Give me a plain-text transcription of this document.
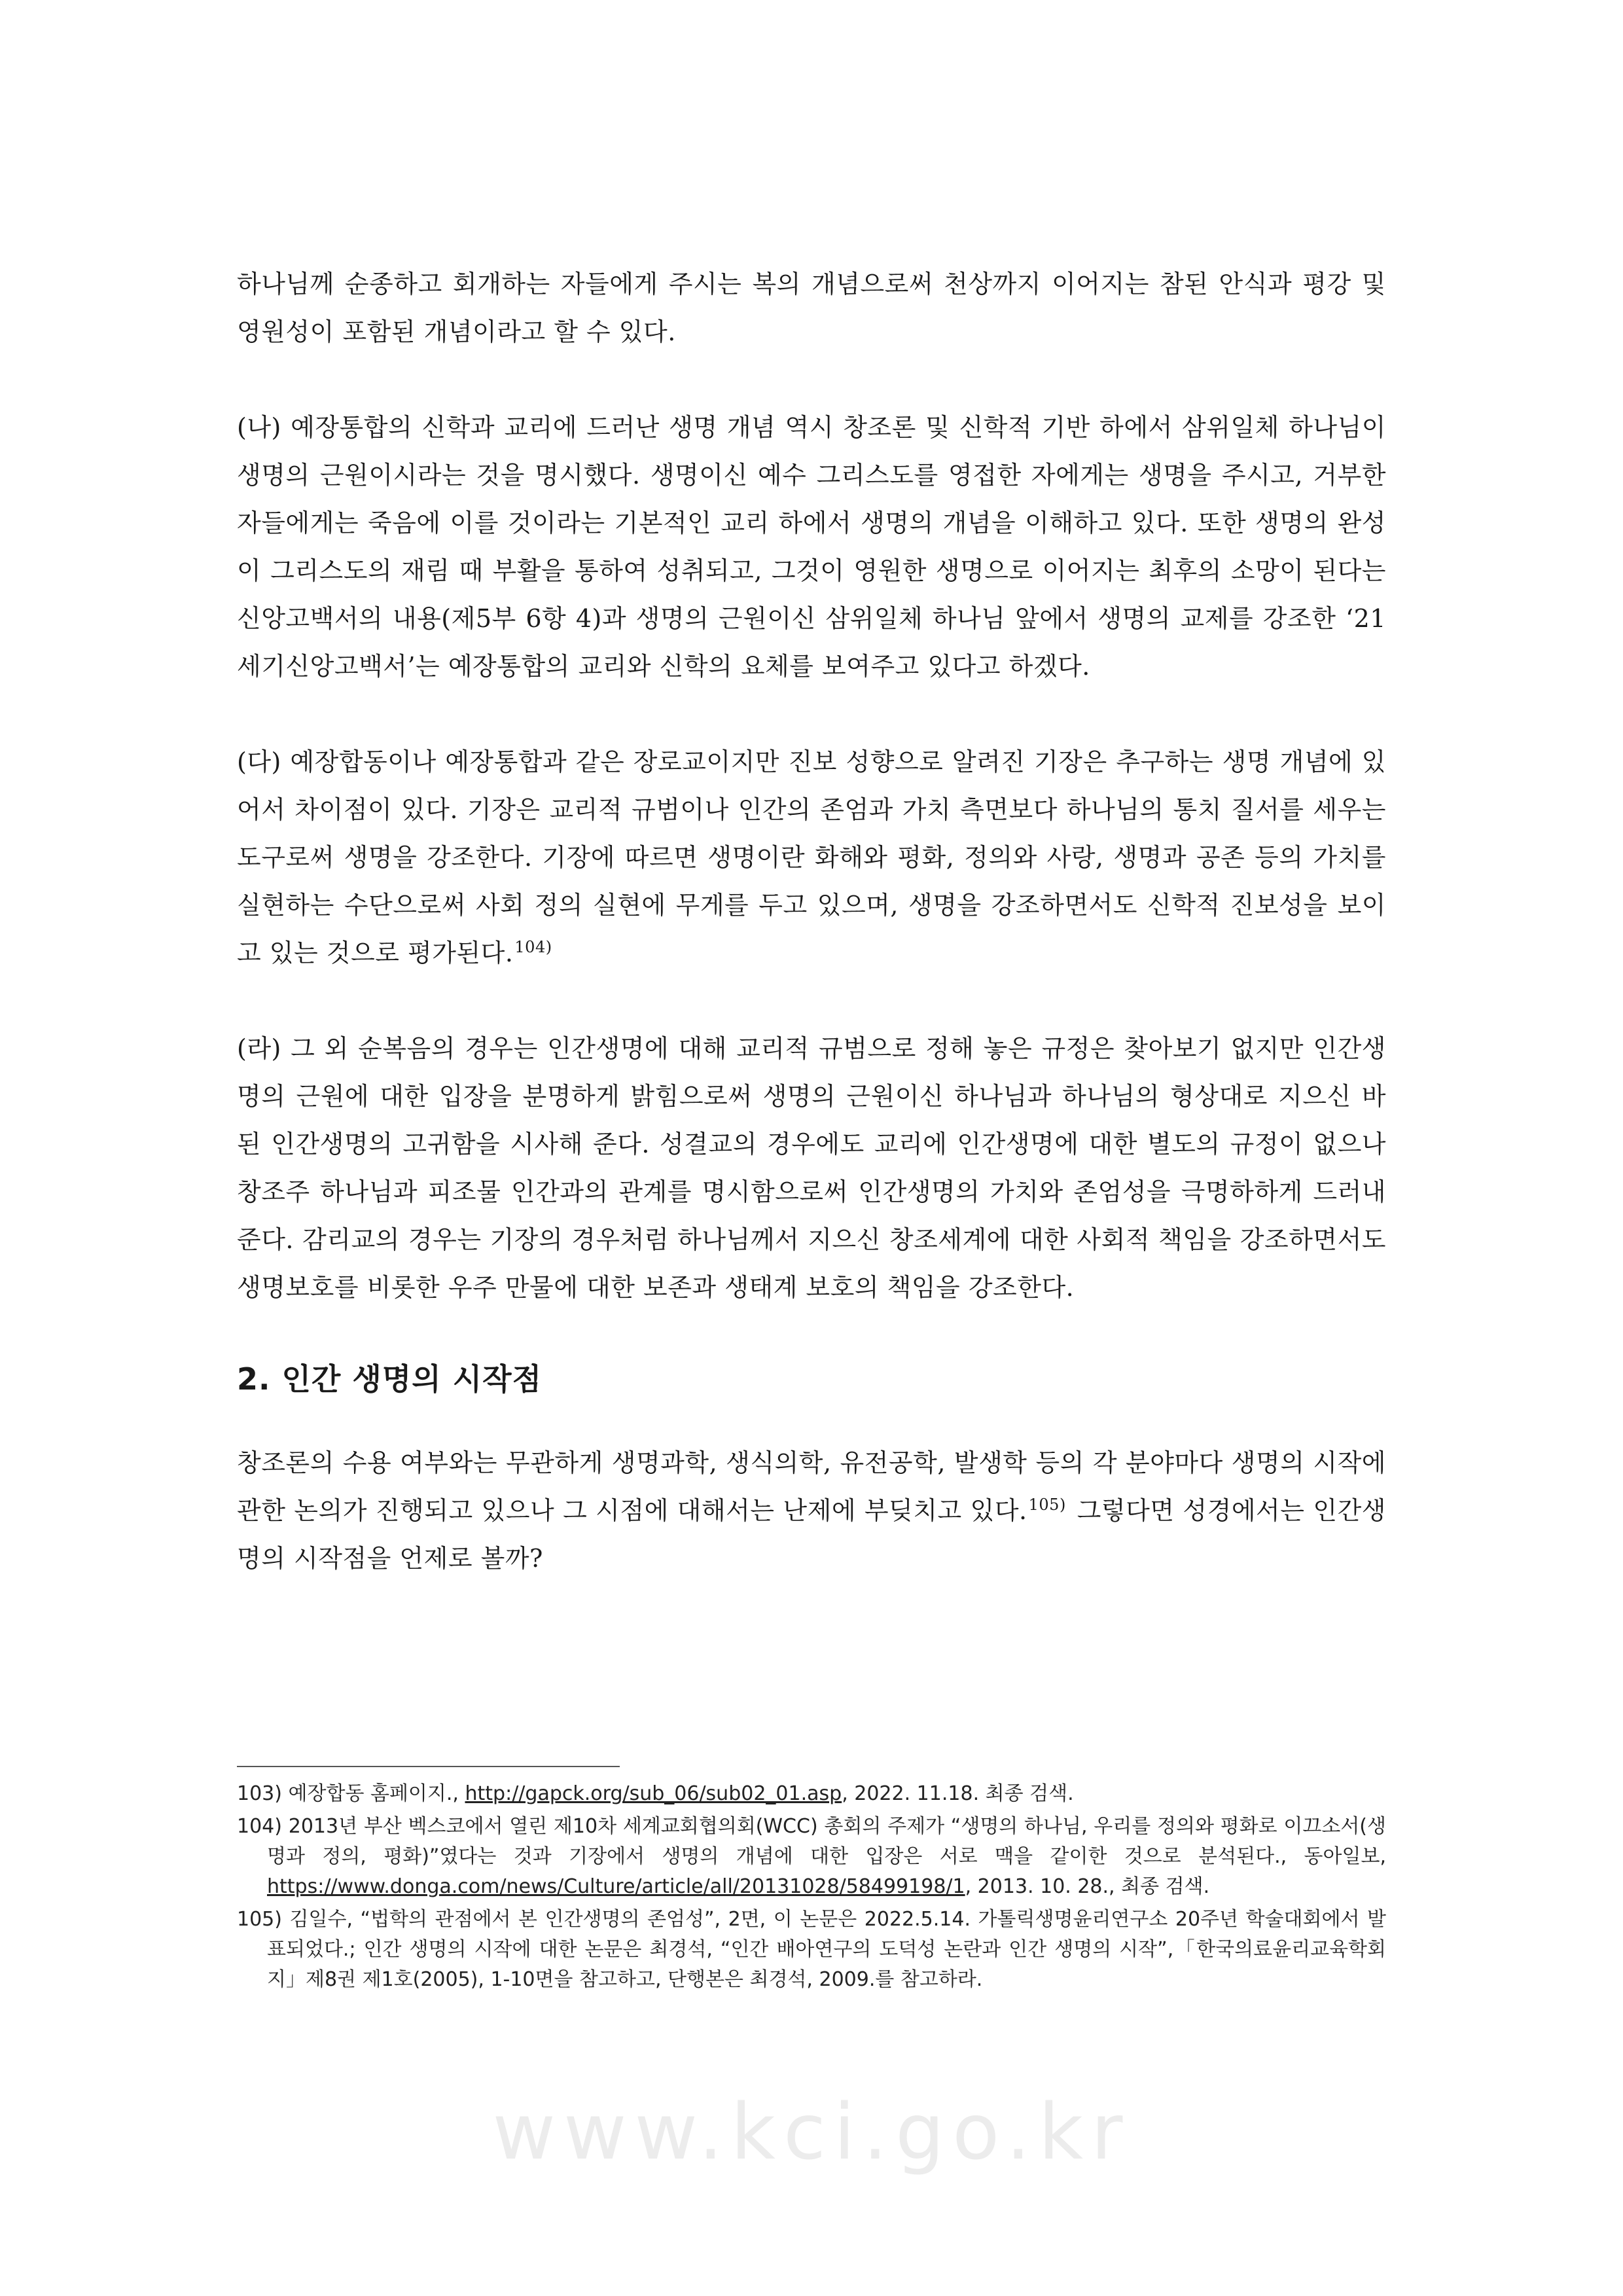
하나님께 순종하고 회개하는 자들에게 주시는 복의 개념으로써 천상까지 이어지는 참된 안식과 평강 및 영원성이 포함된 개념이라고 할 수 있다.

(나) 예장통합의 신학과 교리에 드러난 생명 개념 역시 창조론 및 신학적 기반 하에서 삼위일체 하나님이 생명의 근원이시라는 것을 명시했다. 생명이신 예수 그리스도를 영접한 자에게는 생명을 주시고, 거부한 자들에게는 죽음에 이를 것이라는 기본적인 교리 하에서 생명의 개념을 이해하고 있다. 또한 생명의 완성이 그리스도의 재림 때 부활을 통하여 성취되고, 그것이 영원한 생명으로 이어지는 최후의 소망이 된다는 신앙고백서의 내용(제5부 6항 4)과 생명의 근원이신 삼위일체 하나님 앞에서 생명의 교제를 강조한 ‘21세기신앙고백서’는 예장통합의 교리와 신학의 요체를 보여주고 있다고 하겠다.

(다) 예장합동이나 예장통합과 같은 장로교이지만 진보 성향으로 알려진 기장은 추구하는 생명 개념에 있어서 차이점이 있다. 기장은 교리적 규범이나 인간의 존엄과 가치 측면보다 하나님의 통치 질서를 세우는 도구로써 생명을 강조한다. 기장에 따르면 생명이란 화해와 평화, 정의와 사랑, 생명과 공존 등의 가치를 실현하는 수단으로써 사회 정의 실현에 무게를 두고 있으며, 생명을 강조하면서도 신학적 진보성을 보이고 있는 것으로 평가된다.$^{104)}$

(라) 그 외 순복음의 경우는 인간생명에 대해 교리적 규범으로 정해 놓은 규정은 찾아보기 없지만 인간생명의 근원에 대한 입장을 분명하게 밝힘으로써 생명의 근원이신 하나님과 하나님의 형상대로 지으신 바 된 인간생명의 고귀함을 시사해 준다. 성결교의 경우에도 교리에 인간생명에 대한 별도의 규정이 없으나 창조주 하나님과 피조물 인간과의 관계를 명시함으로써 인간생명의 가치와 존엄성을 극명하하게 드러내 준다. 감리교의 경우는 기장의 경우처럼 하나님께서 지으신 창조세계에 대한 사회적 책임을 강조하면서도 생명보호를 비롯한 우주 만물에 대한 보존과 생태계 보호의 책임을 강조한다.

2. 인간 생명의 시작점

창조론의 수용 여부와는 무관하게 생명과학, 생식의학, 유전공학, 발생학 등의 각 분야마다 생명의 시작에 관한 논의가 진행되고 있으나 그 시점에 대해서는 난제에 부딪치고 있다.$^{105)}$ 그렇다면 성경에서는 인간생명의 시작점을 언제로 볼까?

103) 예장합동 홈페이지., http://gapck.org/sub_06/sub02_01.asp, 2022. 11.18. 최종 검색.
104) 2013년 부산 벡스코에서 열린 제10차 세계교회협의회(WCC) 총회의 주제가 “생명의 하나님, 우리를 정의와 평화로 이끄소서(생명과 정의, 평화)”였다는 것과 기장에서 생명의 개념에 대한 입장은 서로 맥을 같이한 것으로 분석된다., 동아일보, https://www.donga.com/news/Culture/article/all/20131028/58499198/1, 2013. 10. 28., 최종 검색.
105) 김일수, “법학의 관점에서 본 인간생명의 존엄성”, 2면, 이 논문은 2022.5.14. 가톨릭생명윤리연구소 20주년 학술대회에서 발표되었다.; 인간 생명의 시작에 대한 논문은 최경석, “인간 배아연구의 도덕성 논란과 인간 생명의 시작”,「한국의료윤리교육학회지」제8권 제1호(2005), 1-10면을 참고하고, 단행본은 최경석, 2009.를 참고하라.
www.kci.go.kr
